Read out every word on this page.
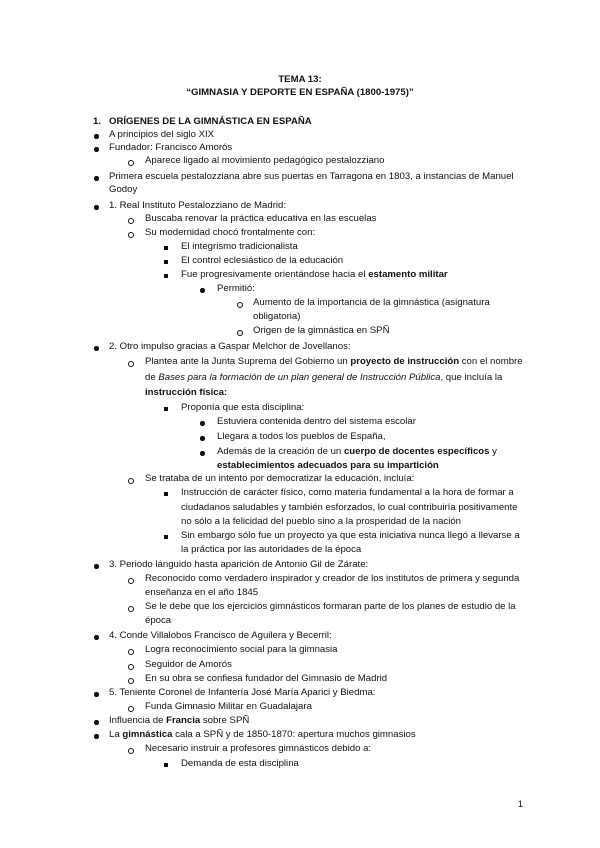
TEMA 13:
“GIMNASIA Y DEPORTE EN ESPAÑA (1800-1975)”
1. ORÍGENES DE LA GIMNÁSTICA EN ESPAÑA
A principios del siglo XIX
Fundador: Francisco Amorós
Aparece ligado al movimiento pedagógico pestalozziano
Primera escuela pestalozziana abre sus puertas en Tarragona en 1803, a instancias de Manuel
Godoy
1. Real Instituto Pestalozziano de Madrid:
Buscaba renovar la práctica educativa en las escuelas
Su modernidad chocó frontalmente con:
El integrismo tradicionalista
El control eclesiástico de la educación
Fue progresivamente orientándose hacia el estamento militar
Permitió:
Aumento de la importancia de la gimnástica (asignatura
obligatoria)
Origen de la gimnástica en SPÑ
2. Otro impulso gracias a Gaspar Melchor de Jovellanos:
Plantea ante la Junta Suprema del Gobierno un proyecto de instrucción con el nombre
de Bases para la formación de un plan general de Instrucción Pública, que incluía la
instrucción física:
Proponía que esta disciplina:
Estuviera contenida dentro del sistema escolar
Llegara a todos los pueblos de España,
Además de la creación de un cuerpo de docentes específicos y
establecimientos adecuados para su impartición
Se trataba de un intento por democratizar la educación, incluía:
Instrucción de carácter físico, como materia fundamental a la hora de formar a
ciudadanos saludables y también esforzados, lo cual contribuiría positivamente
no sólo a la felicidad del pueblo sino a la prosperidad de la nación
Sin embargo sólo fue un proyecto ya que esta iniciativa nunca llegó a llevarse a
la práctica por las autoridades de la época
3. Periodo lánguido hasta aparición de Antonio Gil de Zárate:
Reconocido como verdadero inspirador y creador de los institutos de primera y segunda
enseñanza en el año 1845
Se le debe que los ejercicios gimnásticos formaran parte de los planes de estudio de la
época
4. Conde Villalobos Francisco de Aguilera y Becerril:
Logra reconocimiento social para la gimnasia
Seguidor de Amorós
En su obra se confiesa fundador del Gimnasio de Madrid
5. Teniente Coronel de Infantería José María Aparici y Biedma:
Funda Gimnasio Militar en Guadalajara
Influencia de Francia sobre SPÑ
La gimnástica cala a SPÑ y de 1850-1870: apertura muchos gimnasios
Necesario instruir a profesores gimnásticos debido a:
Demanda de esta disciplina
1
